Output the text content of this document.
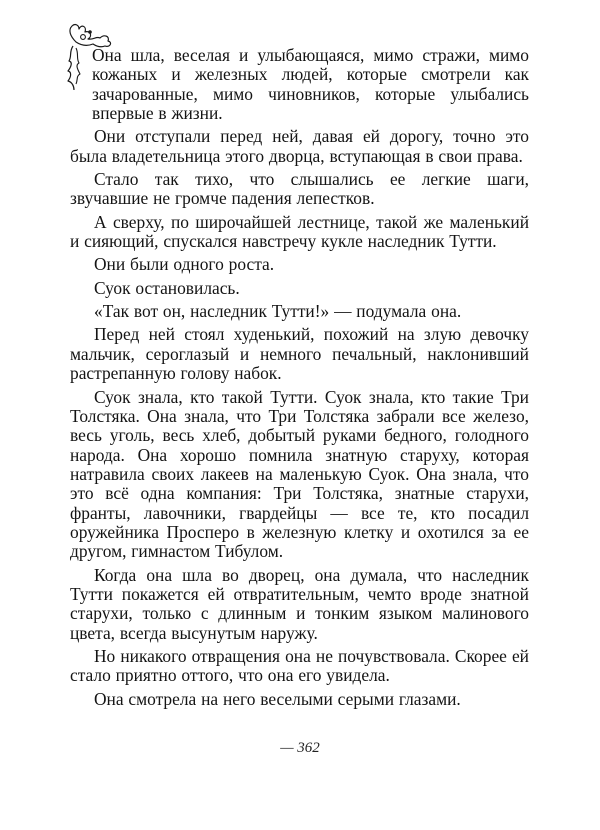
Она шла, веселая и улыбающаяся, мимо стражи, мимо кожаных и железных людей, которые смотрели как зачарованные, мимо чиновников, которые улыбались впервые в жизни.

Они отступали перед ней, давая ей дорогу, точно это была владетельница этого дворца, вступающая в свои права.

Стало так тихо, что слышались ее легкие шаги, звучавшие не громче падения лепестков.

А сверху, по широчайшей лестнице, такой же маленький и сияющий, спускался навстречу кукле наследник Тутти.

Они были одного роста.

Суок остановилась.

«Так вот он, наследник Тутти!» — подумала она.

Перед ней стоял худенький, похожий на злую девочку мальчик, сероглазый и немного печальный, наклонивший растрепанную голову набок.

Суок знала, кто такой Тутти. Суок знала, кто такие Три Толстяка. Она знала, что Три Толстяка забрали все железо, весь уголь, весь хлеб, добытый руками бедного, голодного народа. Она хорошо помнила знатную старуху, которая натравила своих лакеев на маленькую Суок. Она знала, что это всё одна компания: Три Толстяка, знатные старухи, франты, лавочники, гвардейцы — все те, кто посадил оружейника Просперо в железную клетку и охотился за ее другом, гимнастом Тибулом.

Когда она шла во дворец, она думала, что наследник Тутти покажется ей отвратительным, чемто вроде знатной старухи, только с длинным и тонким языком малинового цвета, всегда высунутым наружу.

Но никакого отвращения она не почувствовала. Скорее ей стало приятно оттого, что она его увидела.

Она смотрела на него веселыми серыми глазами.

— 362
